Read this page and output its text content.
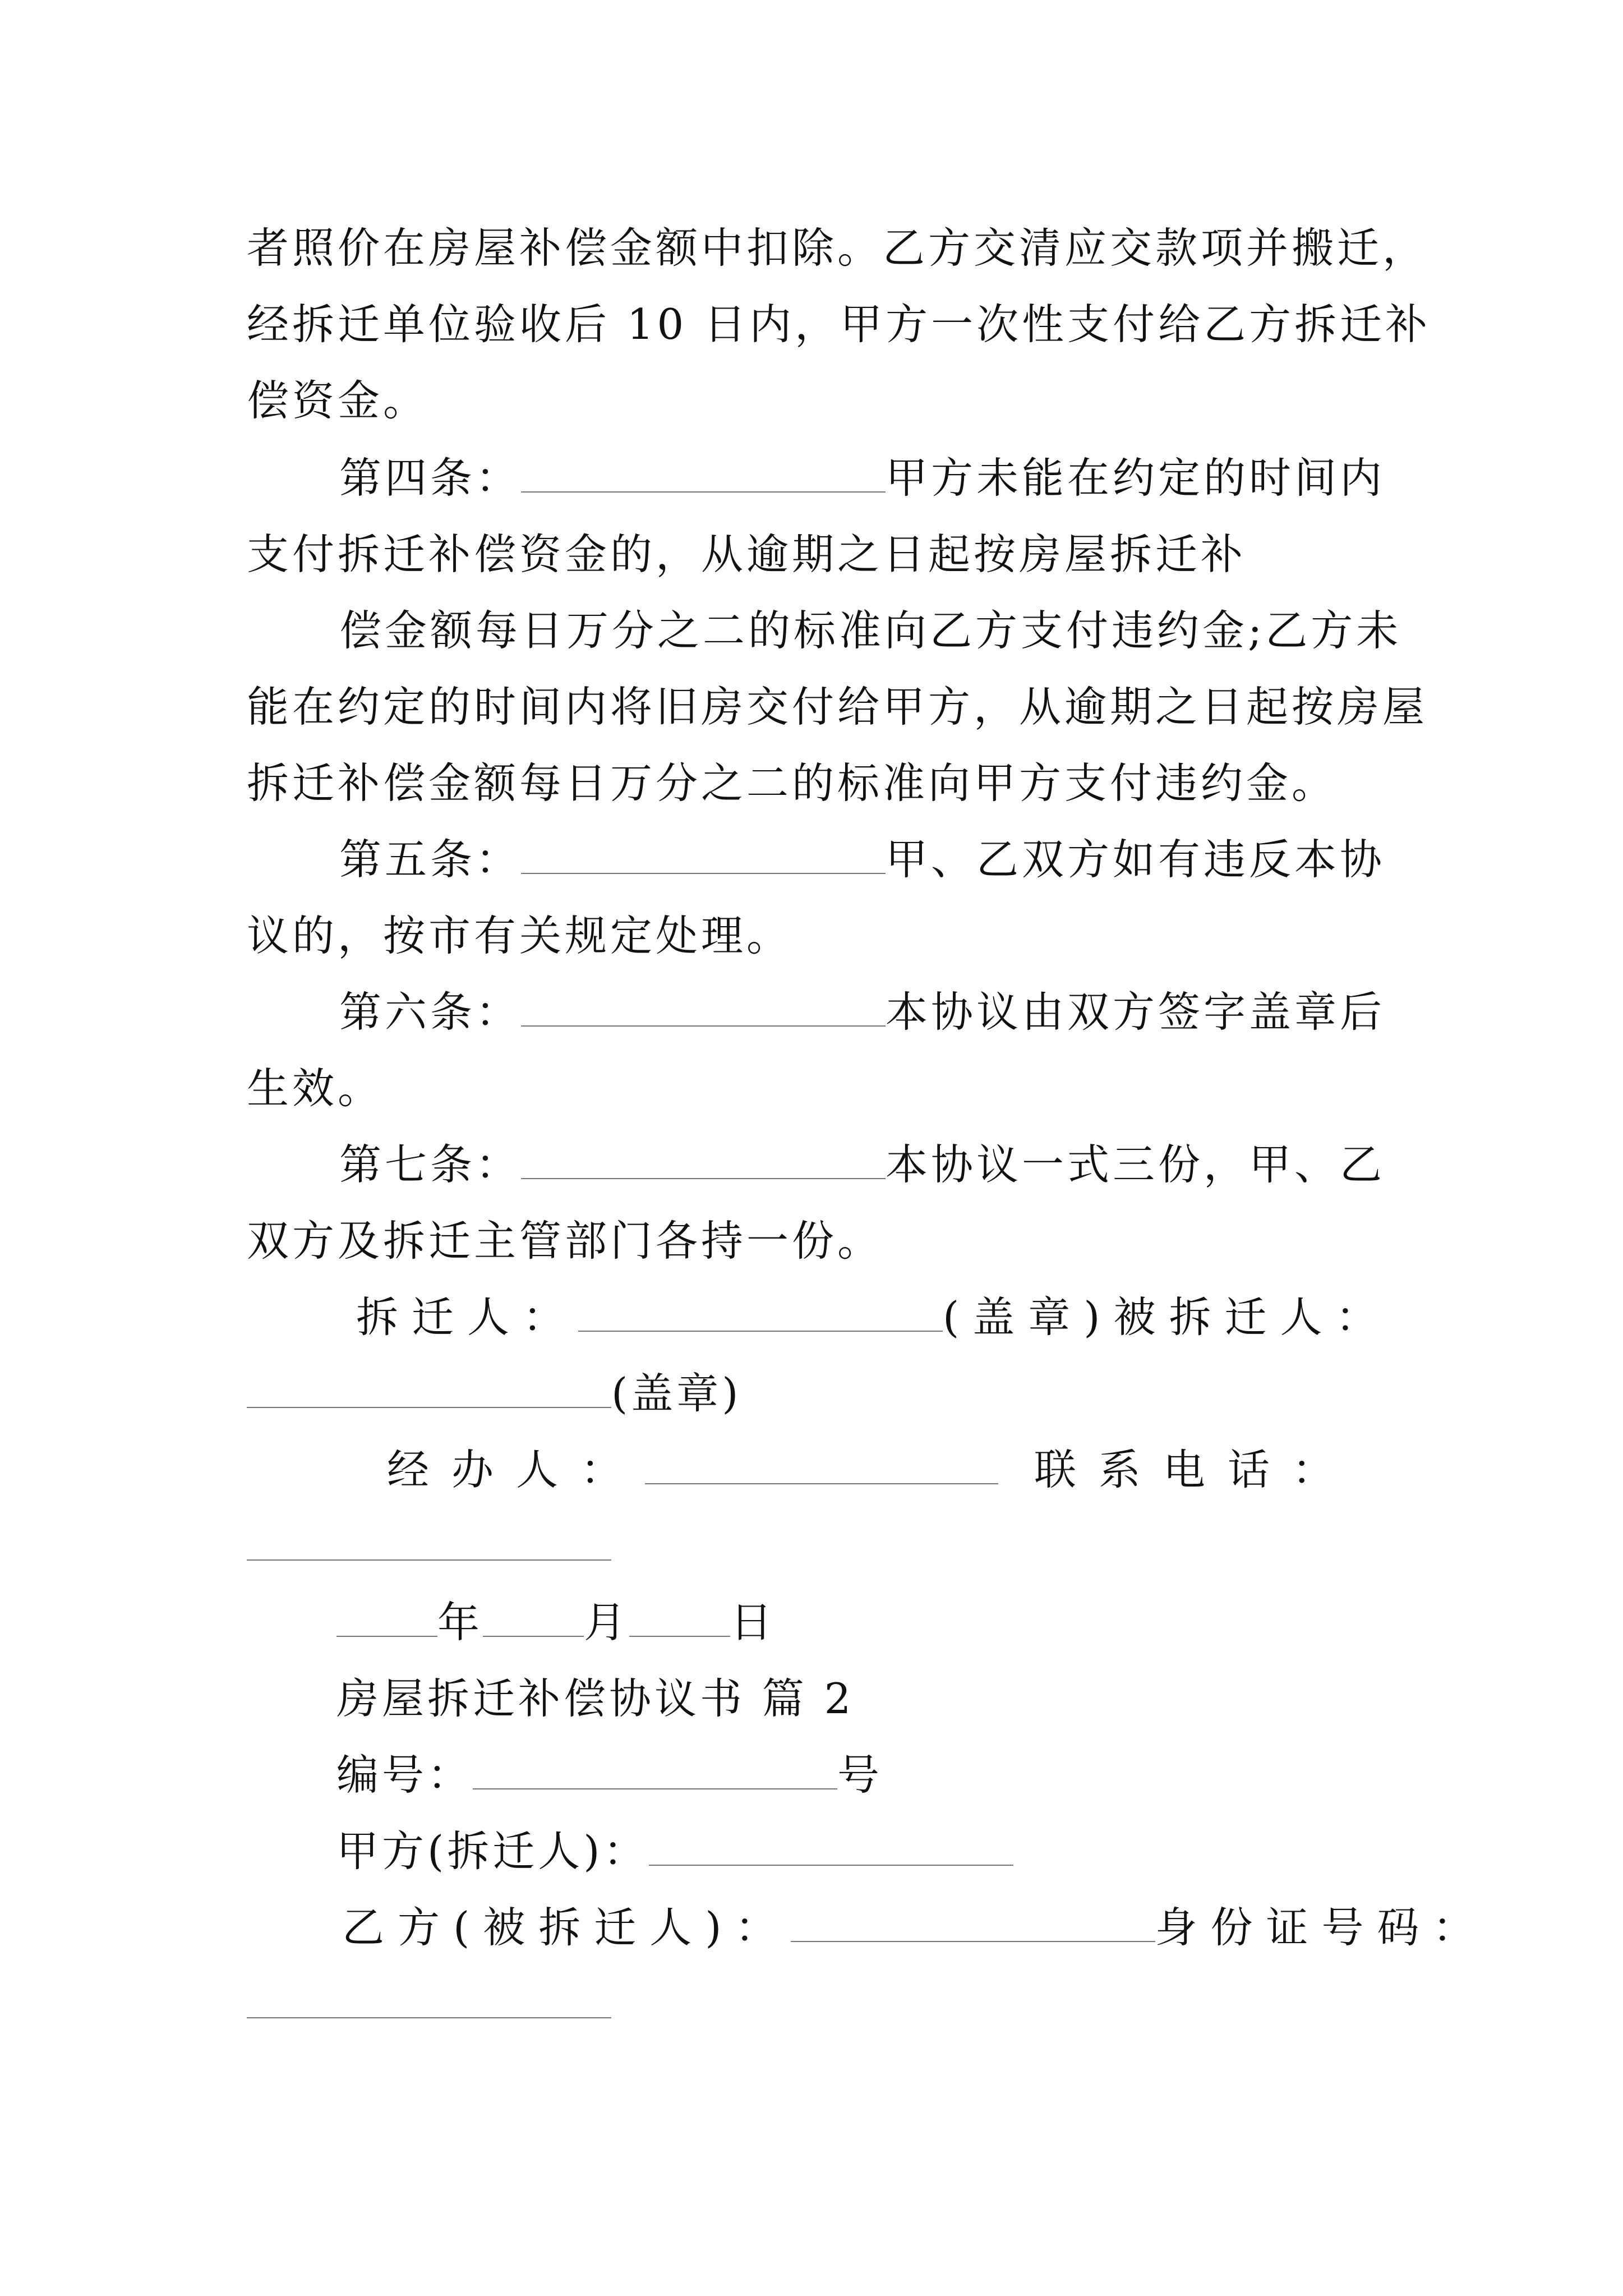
者照价在房屋补偿金额中扣除。乙方交清应交款项并搬迁，

经拆迁单位验收后 10 日内，甲方一次性支付给乙方拆迁补

偿资金。

第四条：	甲方未能在约定的时间内

支付拆迁补偿资金的，从逾期之日起按房屋拆迁补

偿金额每日万分之二的标准向乙方支付违约金;乙方未

能在约定的时间内将旧房交付给甲方，从逾期之日起按房屋

拆迁补偿金额每日万分之二的标准向甲方支付违约金。

第五条：	甲、乙双方如有违反本协

议的，按市有关规定处理。

第六条：	本协议由双方签字盖章后

生效。

第七条：	本协议一式三份，甲、乙

双方及拆迁主管部门各持一份。

拆迁人：	(盖章)被拆迁人：

(盖章)

经办人：	联系电话：

年 月 日

房屋拆迁补偿协议书 篇 2

编号：	号

甲方(拆迁人)：

乙方(被拆迁人)：	身份证号码：
